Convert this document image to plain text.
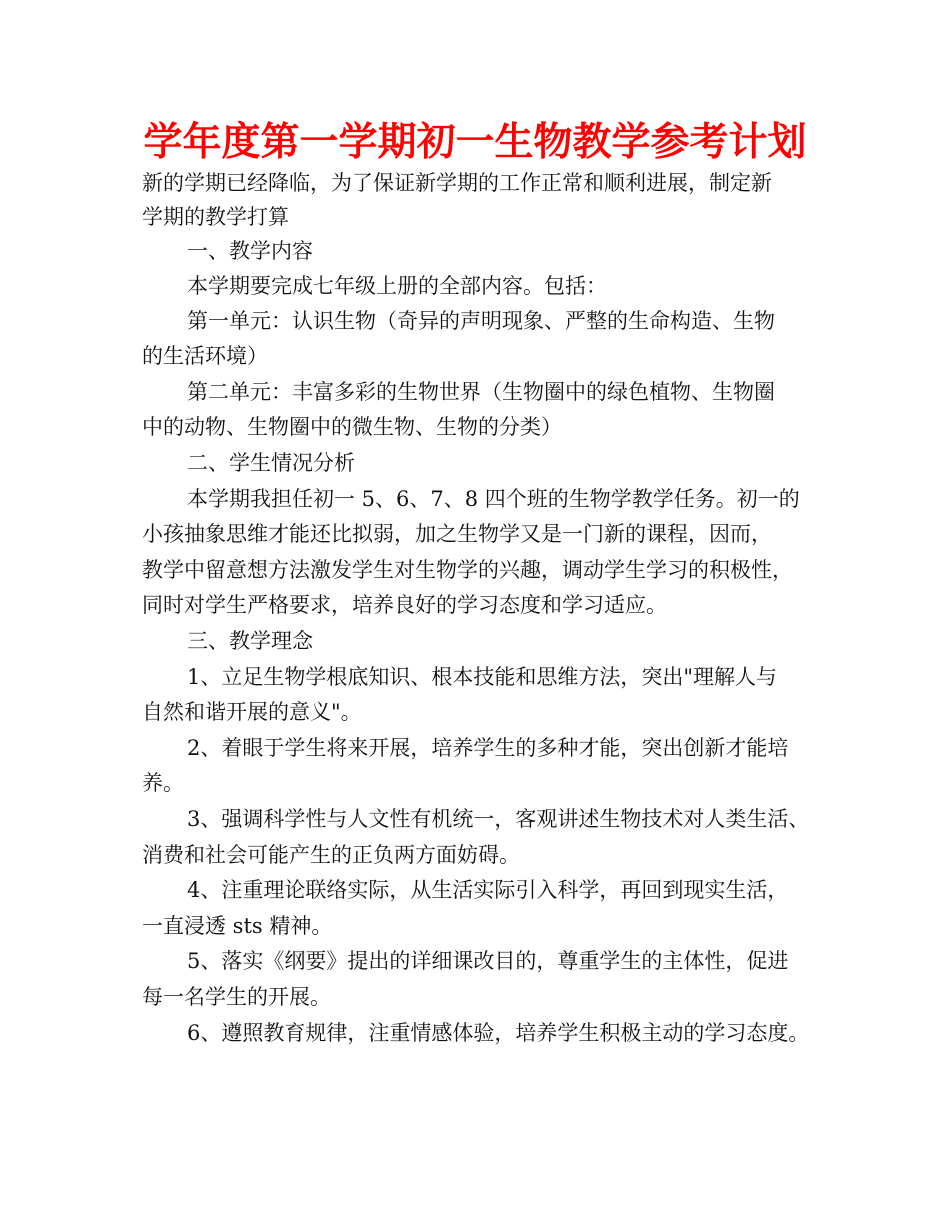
学年度第一学期初一生物教学参考计划

新的学期已经降临，为了保证新学期的工作正常和顺利进展，制定新

学期的教学打算

一、教学内容

本学期要完成七年级上册的全部内容。包括：

第一单元：认识生物（奇异的声明现象、严整的生命构造、生物

的生活环境）

第二单元：丰富多彩的生物世界（生物圈中的绿色植物、生物圈

中的动物、生物圈中的微生物、生物的分类）

二、学生情况分析

本学期我担任初一 5、6、7、8 四个班的生物学教学任务。初一的

小孩抽象思维才能还比拟弱，加之生物学又是一门新的课程，因而，

教学中留意想方法激发学生对生物学的兴趣，调动学生学习的积极性，

同时对学生严格要求，培养良好的学习态度和学习适应。

三、教学理念

1、立足生物学根底知识、根本技能和思维方法，突出"理解人与

自然和谐开展的意义"。

2、着眼于学生将来开展，培养学生的多种才能，突出创新才能培

养。

3、强调科学性与人文性有机统一，客观讲述生物技术对人类生活、

消费和社会可能产生的正负两方面妨碍。

4、注重理论联络实际，从生活实际引入科学，再回到现实生活，

一直浸透 sts 精神。

5、落实《纲要》提出的详细课改目的，尊重学生的主体性，促进

每一名学生的开展。

6、遵照教育规律，注重情感体验，培养学生积极主动的学习态度。
